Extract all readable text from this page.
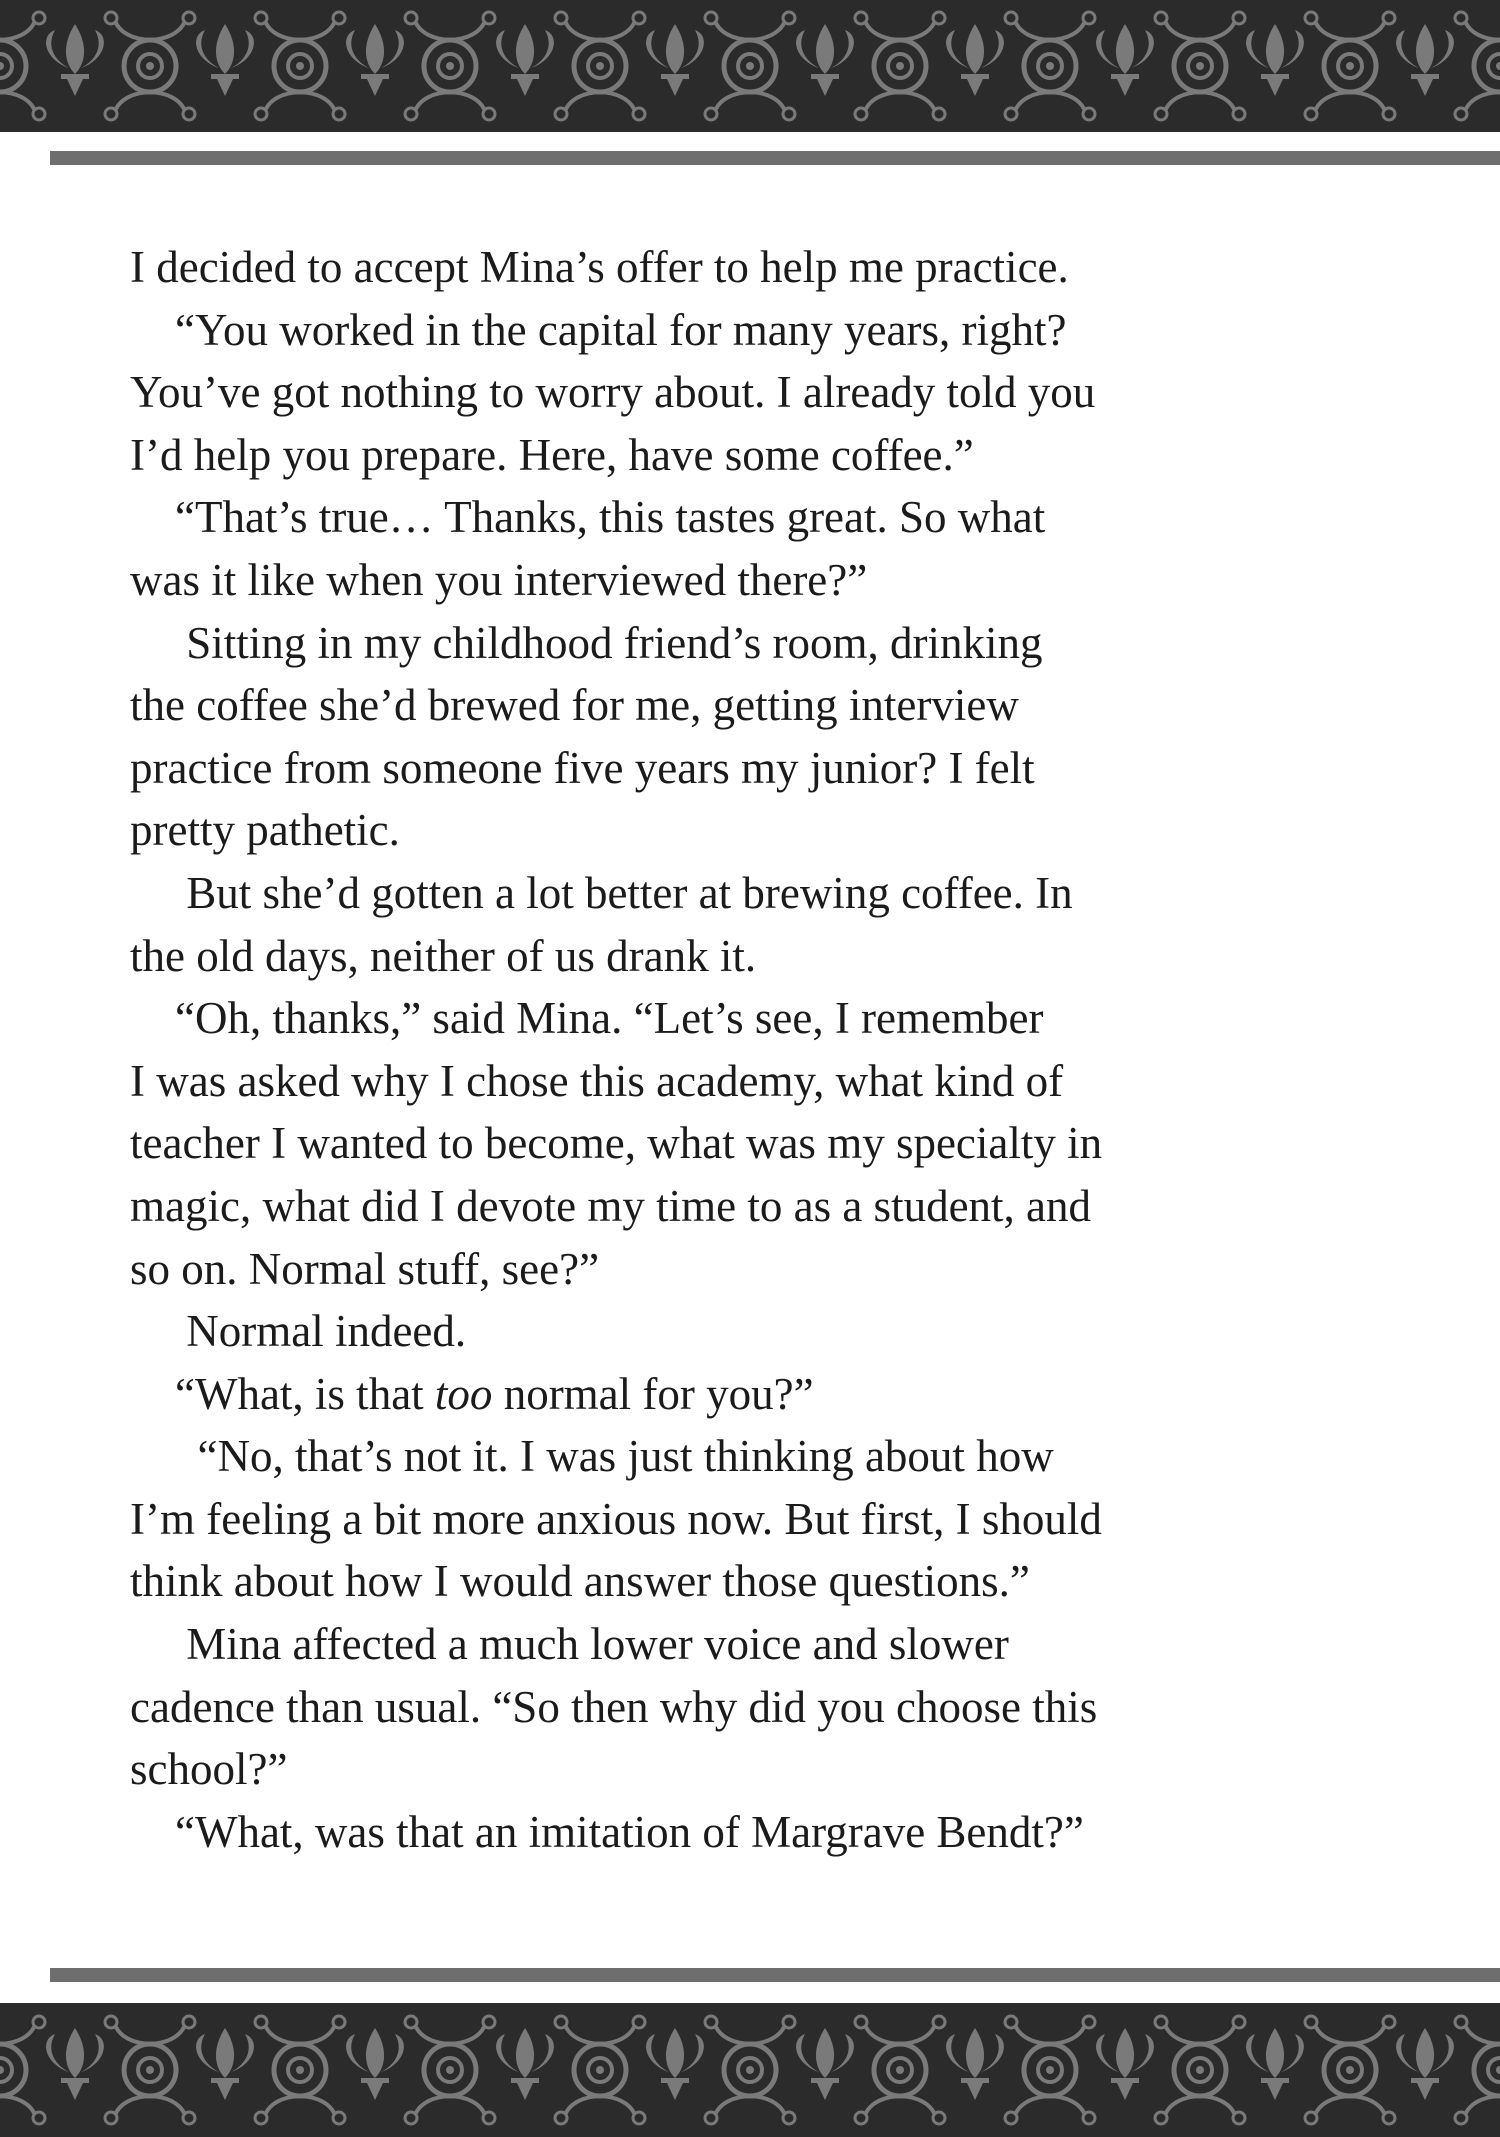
I decided to accept Mina’s offer to help me practice.
“You worked in the capital for many years, right?
You’ve got nothing to worry about. I already told you
I’d help you prepare. Here, have some coffee.”
“That’s true… Thanks, this tastes great. So what
was it like when you interviewed there?”
Sitting in my childhood friend’s room, drinking
the coffee she’d brewed for me, getting interview
practice from someone five years my junior? I felt
pretty pathetic.
But she’d gotten a lot better at brewing coffee. In
the old days, neither of us drank it.
“Oh, thanks,” said Mina. “Let’s see, I remember
I was asked why I chose this academy, what kind of
teacher I wanted to become, what was my specialty in
magic, what did I devote my time to as a student, and
so on. Normal stuff, see?”
Normal indeed.
“What, is that too normal for you?”
“No, that’s not it. I was just thinking about how
I’m feeling a bit more anxious now. But first, I should
think about how I would answer those questions.”
Mina affected a much lower voice and slower
cadence than usual. “So then why did you choose this
school?”
“What, was that an imitation of Margrave Bendt?”
